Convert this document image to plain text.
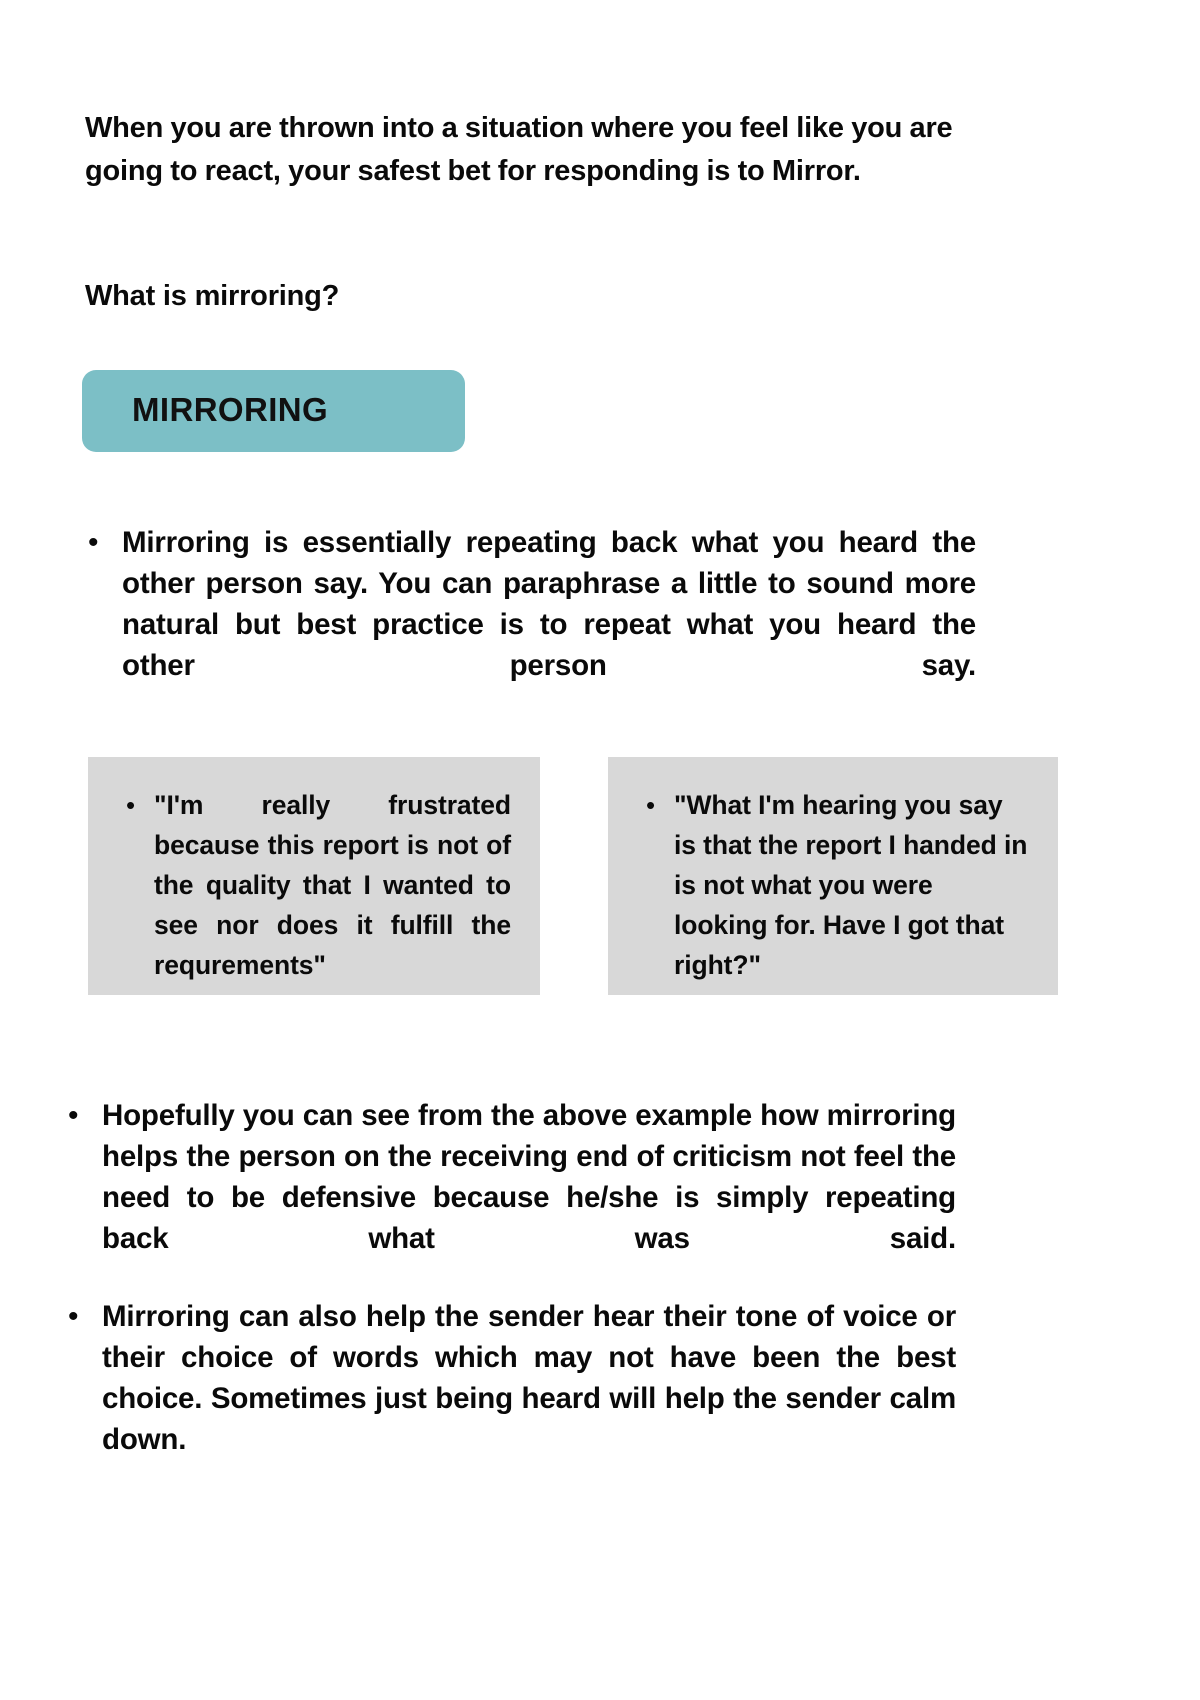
When you are thrown into a situation where you feel like you are going to react, your safest bet for responding is to Mirror.

What is mirroring?
MIRRORING
• Mirroring is essentially repeating back what you heard the other person say. You can paraphrase a little to sound more natural but best practice is to repeat what you heard the other person say.
• "I'm really frustrated because this report is not of the quality that I wanted to see nor does it fulfill the requrements"
• "What I'm hearing you say is that the report I handed in is not what you were looking for. Have I got that right?"
• Hopefully you can see from the above example how mirroring helps the person on the receiving end of criticism not feel the need to be defensive because he/she is simply repeating back what was said.
• Mirroring can also help the sender hear their tone of voice or their choice of words which may not have been the best choice. Sometimes just being heard will help the sender calm down.
